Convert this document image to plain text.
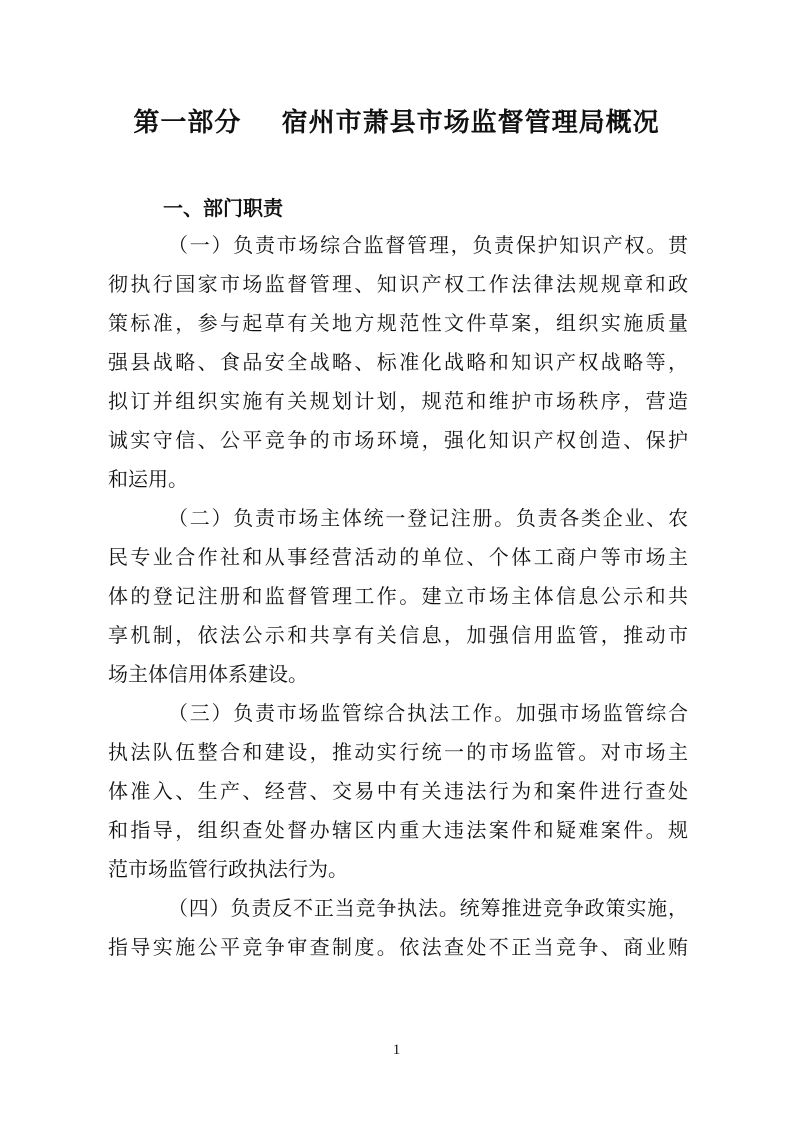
第一部分    宿州市萧县市场监督管理局概况
一、部门职责
（一）负责市场综合监督管理，负责保护知识产权。贯
彻执行国家市场监督管理、知识产权工作法律法规规章和政
策标准，参与起草有关地方规范性文件草案，组织实施质量
强县战略、食品安全战略、标准化战略和知识产权战略等，
拟订并组织实施有关规划计划，规范和维护市场秩序，营造
诚实守信、公平竞争的市场环境，强化知识产权创造、保护
和运用。
（二）负责市场主体统一登记注册。负责各类企业、农
民专业合作社和从事经营活动的单位、个体工商户等市场主
体的登记注册和监督管理工作。建立市场主体信息公示和共
享机制，依法公示和共享有关信息，加强信用监管，推动市
场主体信用体系建设。
（三）负责市场监管综合执法工作。加强市场监管综合
执法队伍整合和建设，推动实行统一的市场监管。对市场主
体准入、生产、经营、交易中有关违法行为和案件进行查处
和指导，组织查处督办辖区内重大违法案件和疑难案件。规
范市场监管行政执法行为。
（四）负责反不正当竞争执法。统筹推进竞争政策实施，
指导实施公平竞争审查制度。依法查处不正当竞争、商业贿
1
